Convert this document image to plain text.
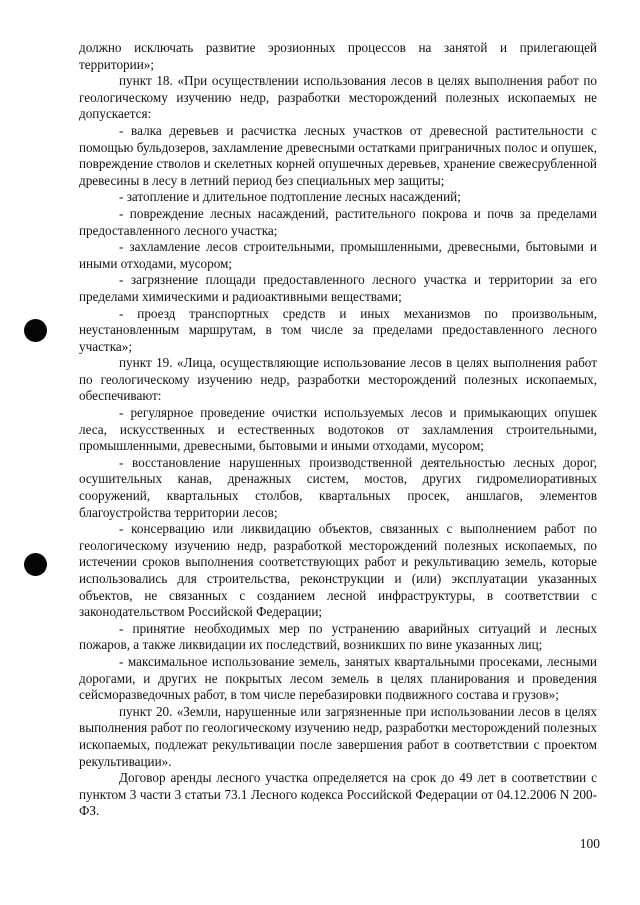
должно исключать развитие эрозионных процессов на занятой и прилегающей территории»;

пункт 18. «При осуществлении использования лесов в целях выполнения работ по геологическому изучению недр, разработки месторождений полезных ископаемых не допускается:

- валка деревьев и расчистка лесных участков от древесной растительности с помощью бульдозеров, захламление древесными остатками приграничных полос и опушек, повреждение стволов и скелетных корней опушечных деревьев, хранение свежесрубленной древесины в лесу в летний период без специальных мер защиты;

- затопление и длительное подтопление лесных насаждений;

- повреждение лесных насаждений, растительного покрова и почв за пределами предоставленного лесного участка;

- захламление лесов строительными, промышленными, древесными, бытовыми и иными отходами, мусором;

- загрязнение площади предоставленного лесного участка и территории за его пределами химическими и радиоактивными веществами;

- проезд транспортных средств и иных механизмов по произвольным, неустановленным маршрутам, в том числе за пределами предоставленного лесного участка»;

пункт 19. «Лица, осуществляющие использование лесов в целях выполнения работ по геологическому изучению недр, разработки месторождений полезных ископаемых, обеспечивают:

- регулярное проведение очистки используемых лесов и примыкающих опушек леса, искусственных и естественных водотоков от захламления строительными, промышленными, древесными, бытовыми и иными отходами, мусором;

- восстановление нарушенных производственной деятельностью лесных дорог, осушительных канав, дренажных систем, мостов, других гидромелиоративных сооружений, квартальных столбов, квартальных просек, аншлагов, элементов благоустройства территории лесов;

- консервацию или ликвидацию объектов, связанных с выполнением работ по геологическому изучению недр, разработкой месторождений полезных ископаемых, по истечении сроков выполнения соответствующих работ и рекультивацию земель, которые использовались для строительства, реконструкции и (или) эксплуатации указанных объектов, не связанных с созданием лесной инфраструктуры, в соответствии с законодательством Российской Федерации;

- принятие необходимых мер по устранению аварийных ситуаций и лесных пожаров, а также ликвидации их последствий, возникших по вине указанных лиц;

- максимальное использование земель, занятых квартальными просеками, лесными дорогами, и других не покрытых лесом земель в целях планирования и проведения сейсморазведочных работ, в том числе перебазировки подвижного состава и грузов»;

пункт 20. «Земли, нарушенные или загрязненные при использовании лесов в целях выполнения работ по геологическому изучению недр, разработки месторождений полезных ископаемых, подлежат рекультивации после завершения работ в соответствии с проектом рекультивации».

Договор аренды лесного участка определяется на срок до 49 лет в соответствии с пунктом 3 части 3 статьи 73.1 Лесного кодекса Российской Федерации от 04.12.2006 N 200-ФЗ.

100
